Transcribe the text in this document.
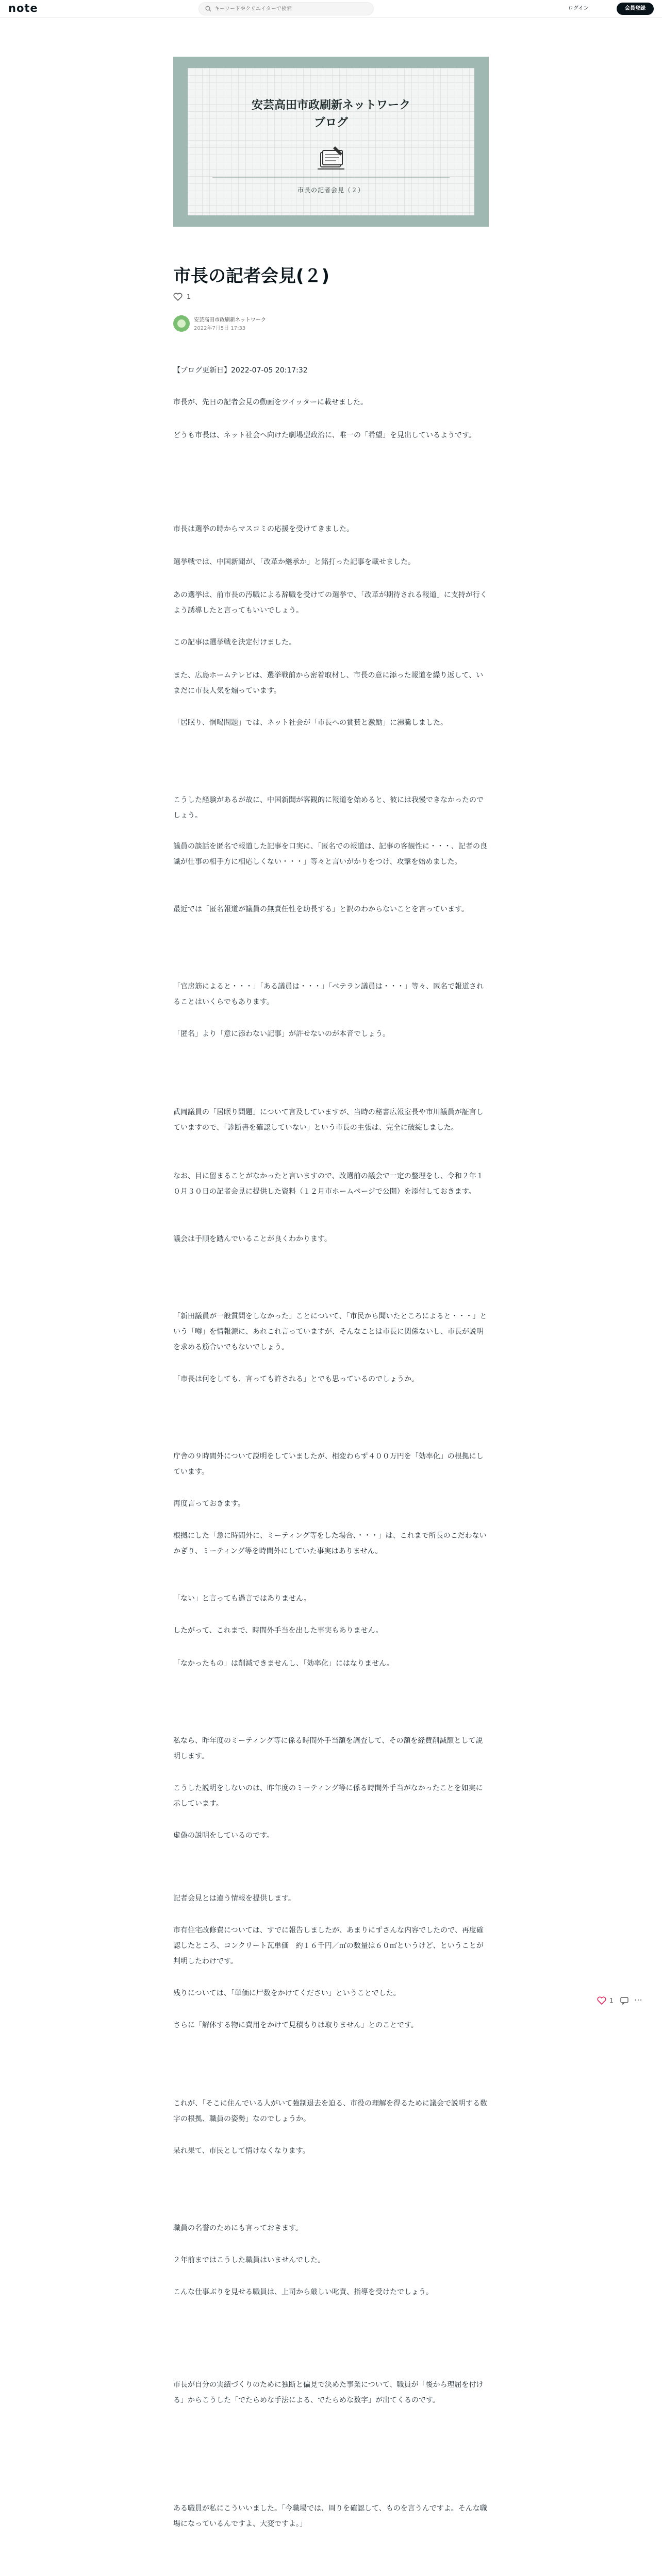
note
キーワードやクリエイターで検索	ログイン	会員登録
安芸高田市政刷新ネットワーク
ブログ
市長の記者会見（２）
市長の記者会見(２)
1
安芸高田市政刷新ネットワーク
2022年7月5日 17:33
【ブログ更新日】2022-07-05 20:17:32
市長が、先日の記者会見の動画をツイッターに載せました。
どうも市長は、ネット社会へ向けた劇場型政治に、唯一の「希望」を見出しているようです。
市長は選挙の時からマスコミの応援を受けてきました。
選挙戦では、中国新聞が、「改革か継承か」と銘打った記事を載せました。
あの選挙は、前市長の汚職による辞職を受けての選挙で、「改革が期待される報道」に支持が行くよう誘導したと言ってもいいでしょう。
この記事は選挙戦を決定付けました。
また、広島ホームテレビは、選挙戦前から密着取材し、市長の意に添った報道を繰り返して、いまだに市長人気を煽っています。
「居眠り、恫喝問題」では、ネット社会が「市長への賞賛と激励」に沸騰しました。
こうした経験があるが故に、中国新聞が客観的に報道を始めると、彼には我慢できなかったのでしょう。
議員の談話を匿名で報道した記事を口実に、「匿名での報道は、記事の客観性に・・・、記者の良識が仕事の相手方に相応しくない・・・」等々と言いがかりをつけ、攻撃を始めました。
最近では「匿名報道が議員の無責任性を助長する」と訳のわからないことを言っています。
「官房筋によると・・・」「ある議員は・・・」「ベテラン議員は・・・」等々、匿名で報道されることはいくらでもあります。
「匿名」より「意に添わない記事」が許せないのが本音でしょう。
武岡議員の「居眠り問題」について言及していますが、当時の秘書広報室長や市川議員が証言していますので、「診断書を確認していない」という市長の主張は、完全に破綻しました。
なお、目に留まることがなかったと言いますので、改選前の議会で一定の整理をし、令和２年１０月３０日の記者会見に提供した資料（１２月市ホームページで公開）を添付しておきます。
議会は手順を踏んでいることが良くわかります。
「新田議員が一般質問をしなかった」ことについて、「市民から聞いたところによると・・・」という「噂」を情報源に、あれこれ言っていますが、そんなことは市長に関係ないし、市長が説明を求める筋合いでもないでしょう。
「市長は何をしても、言っても許される」とでも思っているのでしょうか。
庁舎の９時間外について説明をしていましたが、相変わらず４００万円を「効率化」の根拠にしています。
再度言っておきます。
根拠にした「急に時間外に、ミーティング等をした場合、・・・」は、これまで所長のこだわないかぎり、ミーティング等を時間外にしていた事実はありません。
「ない」と言っても過言ではありません。
したがって、これまで、時間外手当を出した事実もありません。
「なかったもの」は削減できませんし、「効率化」にはなりません。
私なら、昨年度のミーティング等に係る時間外手当額を調査して、その額を経費削減額として説明します。
こうした説明をしないのは、昨年度のミーティング等に係る時間外手当がなかったことを如実に示しています。
虚偽の説明をしているのです。
記者会見とは違う情報を提供します。
市有住宅改修費については、すでに報告しましたが、あまりにずさんな内容でしたので、再度確認したところ、コンクリート瓦単価　約１６千円／㎡の数量は６０㎡というけど、ということが判明したわけです。
残りについては、「単価に尸数をかけてください」ということでした。
さらに「解体する物に費用をかけて見積もりは取りません」とのことです。
これが、「そこに住んでいる人がいて強制退去を迫る、市役の理解を得るために議会で説明する数字の根拠、職員の姿勢」なのでしょうか。
呆れ果て、市民として情けなくなります。
職員の名誉のためにも言っておきます。
２年前まではこうした職員はいませんでした。
こんな仕事ぶりを見せる職員は、上司から厳しい叱責、指導を受けたでしょう。
市長が自分の実績づくりのために独断と偏見で決めた事業について、職員が「後から理屈を付ける」からこうした「でたらめな手法による、でたらめな数字」が出てくるのです。
ある職員が私にこういいました。「今職場では、周りを確認して、ものを言うんですよ。そんな職場になっているんですよ、大変ですよ。」
1	⋯
